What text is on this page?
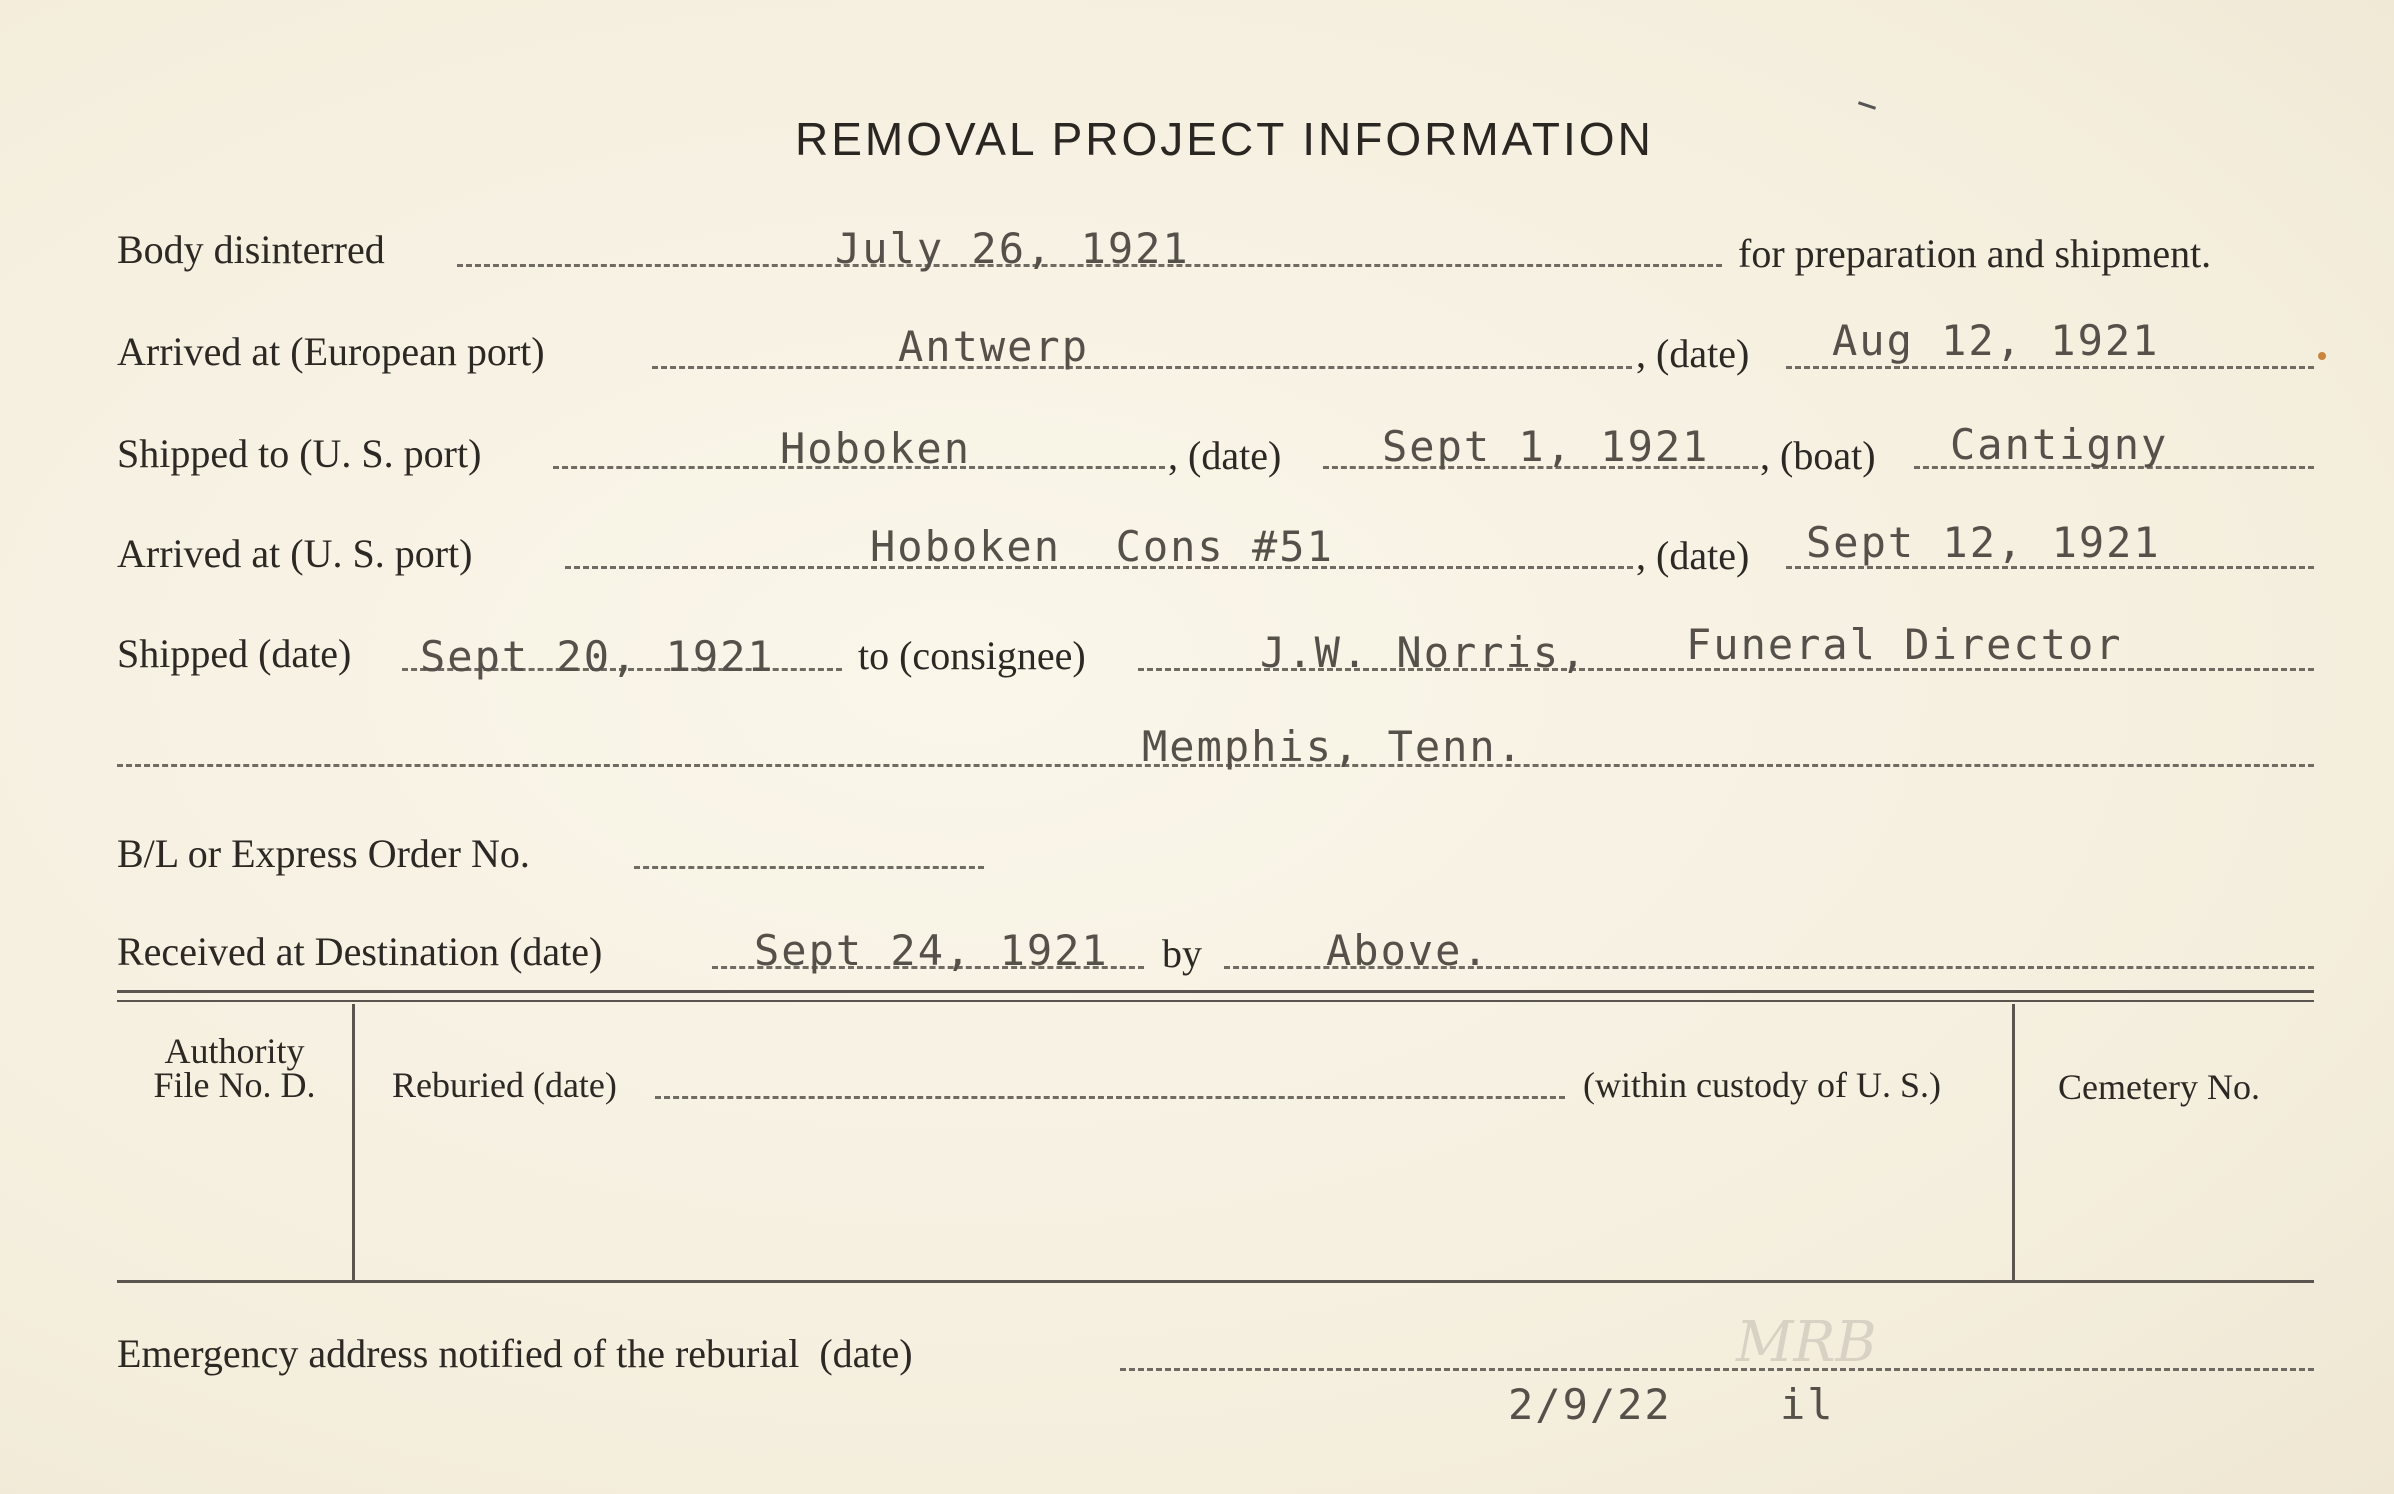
REMOVAL PROJECT INFORMATION
Body disinterred	July 26, 1921	for preparation and shipment.
Arrived at (European port)	Antwerp	, (date) Aug 12, 1921
Shipped to (U. S. port)	Hoboken	, (date) Sept 1, 1921 , (boat) Cantigny
Arrived at (U. S. port)	Hoboken  Cons #51	, (date) Sept 12, 1921
Shipped (date) Sept 20, 1921 to (consignee)	J.W. Norris, Funeral Director
Memphis, Tenn.
B/L or Express Order No.
Received at Destination (date)	Sept 24, 1921 by	Above.
Authority
File No. D.	Reburied (date)	(within custody of U. S.)	Cemetery No.
Emergency address notified of the reburial  (date)	MRB
2/9/22	il
